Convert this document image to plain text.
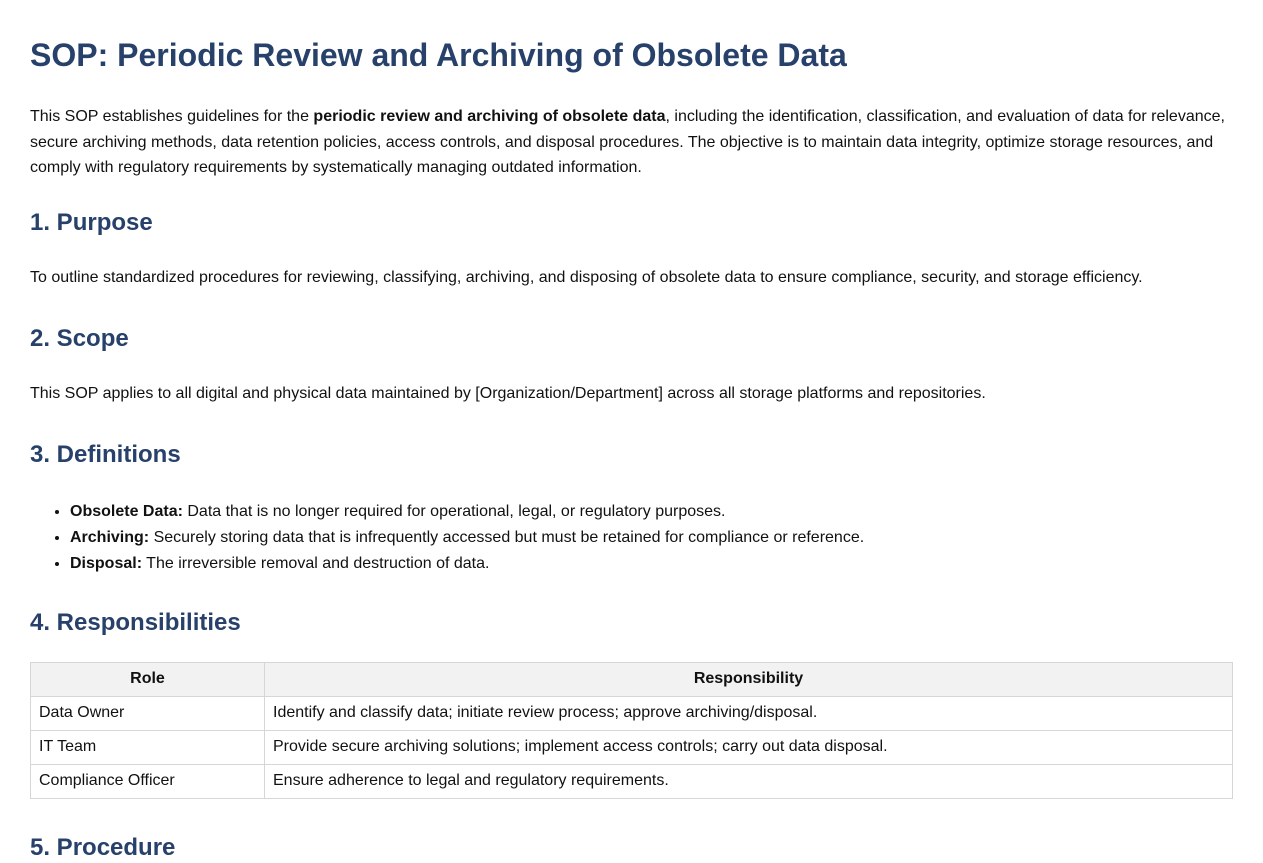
SOP: Periodic Review and Archiving of Obsolete Data

This SOP establishes guidelines for the periodic review and archiving of obsolete data, including the identification, classification, and evaluation of data for relevance, secure archiving methods, data retention policies, access controls, and disposal procedures. The objective is to maintain data integrity, optimize storage resources, and comply with regulatory requirements by systematically managing outdated information.

1. Purpose

To outline standardized procedures for reviewing, classifying, archiving, and disposing of obsolete data to ensure compliance, security, and storage efficiency.

2. Scope

This SOP applies to all digital and physical data maintained by [Organization/Department] across all storage platforms and repositories.

3. Definitions
• Obsolete Data: Data that is no longer required for operational, legal, or regulatory purposes.
• Archiving: Securely storing data that is infrequently accessed but must be retained for compliance or reference.
• Disposal: The irreversible removal and destruction of data.
4. Responsibilities
Role	Responsibility
Data Owner	Identify and classify data; initiate review process; approve archiving/disposal.
IT Team	Provide secure archiving solutions; implement access controls; carry out data disposal.
Compliance Officer	Ensure adherence to legal and regulatory requirements.
5. Procedure
